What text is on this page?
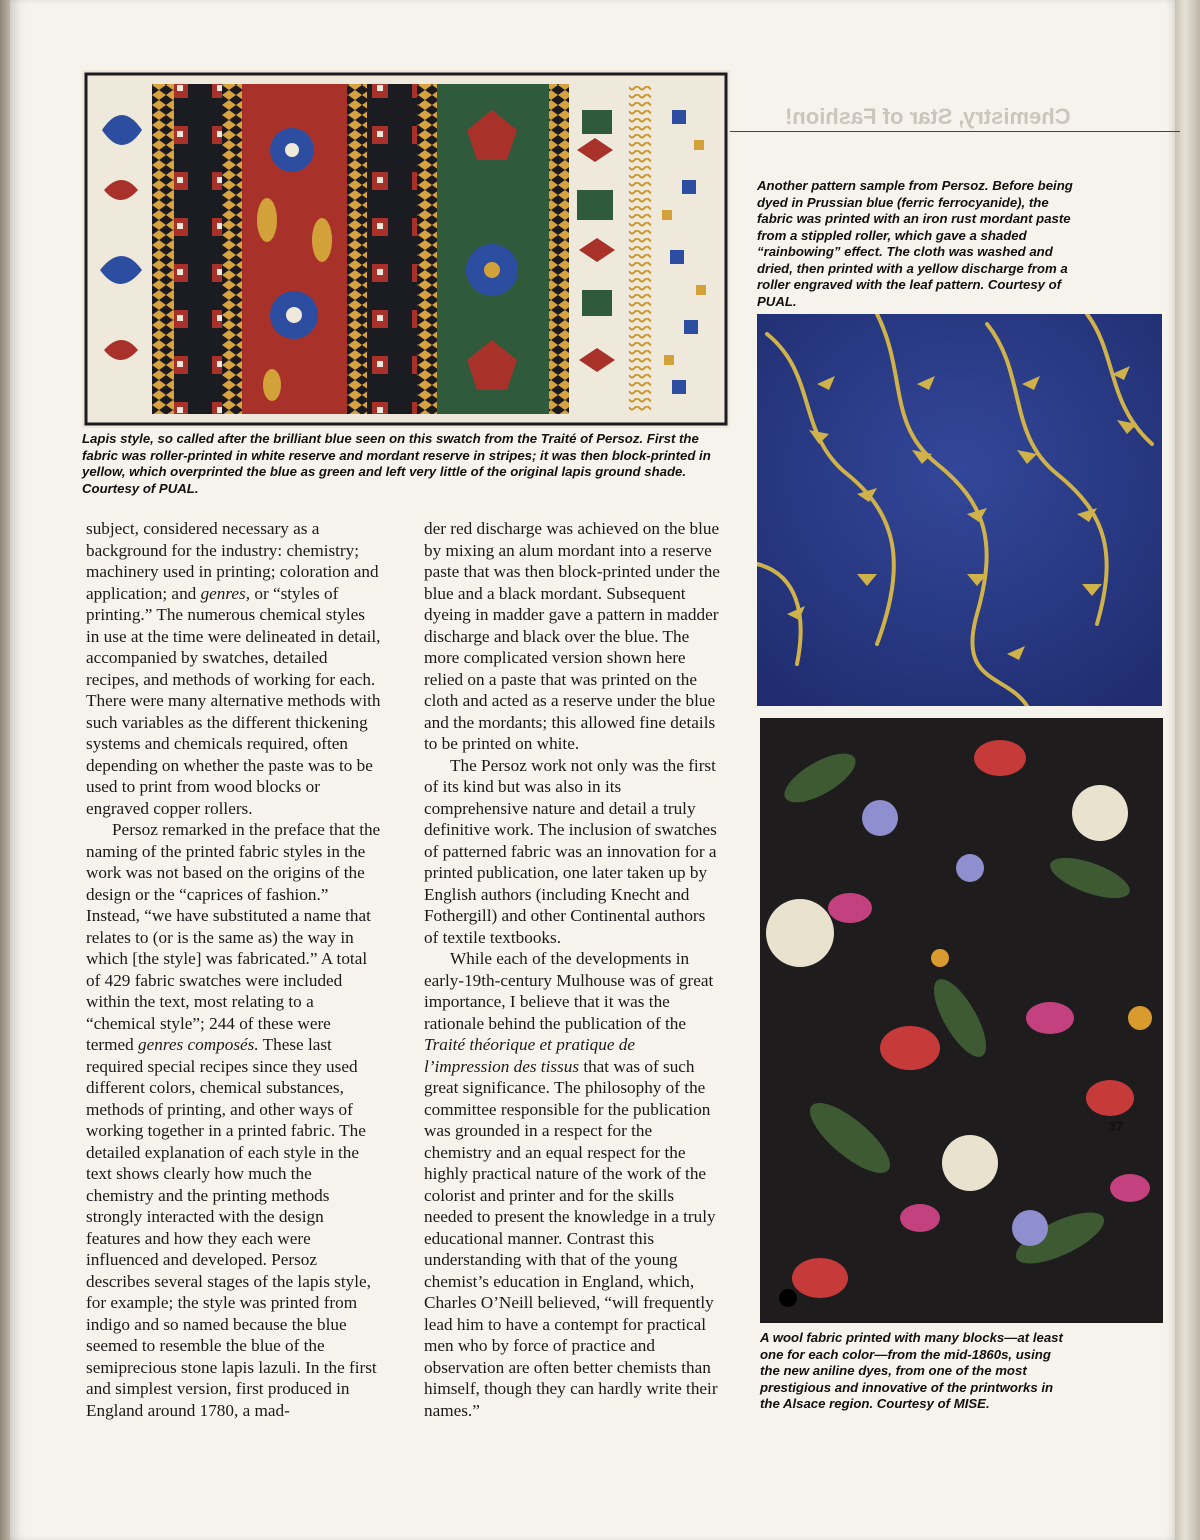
Chemistry, Star of Fashion!
Lapis style, so called after the brilliant blue seen on this swatch from the Traité of Persoz. First the fabric was roller-printed in white reserve and mordant reserve in stripes; it was then block-printed in yellow, which overprinted the blue as green and left very little of the original lapis ground shade. Courtesy of PUAL.
Another pattern sample from Persoz. Before being dyed in Prussian blue (ferric ferrocyanide), the fabric was printed with an iron rust mordant paste from a stippled roller, which gave a shaded “rainbowing” effect. The cloth was washed and dried, then printed with a yellow discharge from a roller engraved with the leaf pattern. Courtesy of PUAL.
A wool fabric printed with many blocks—at least one for each color—from the mid-1860s, using the new aniline dyes, from one of the most prestigious and innovative of the printworks in the Alsace region. Courtesy of MISE.

subject, considered necessary as a background for the industry: chemistry; machinery used in printing; coloration and application; and genres, or “styles of printing.” The numerous chemical styles in use at the time were delineated in detail, accompanied by swatches, detailed recipes, and methods of working for each. There were many alternative methods with such variables as the different thickening systems and chemicals required, often depending on whether the paste was to be used to print from wood blocks or engraved copper rollers.

Persoz remarked in the preface that the naming of the printed fabric styles in the work was not based on the origins of the design or the “caprices of fashion.” Instead, “we have substituted a name that relates to (or is the same as) the way in which [the style] was fabricated.” A total of 429 fabric swatches were included within the text, most relating to a “chemical style”; 244 of these were termed genres composés. These last required special recipes since they used different colors, chemical substances, methods of printing, and other ways of working together in a printed fabric. The detailed explanation of each style in the text shows clearly how much the chemistry and the printing methods strongly interacted with the design features and how they each were influenced and developed. Persoz describes several stages of the lapis style, for example; the style was printed from indigo and so named because the blue seemed to resemble the blue of the semiprecious stone lapis lazuli. In the first and simplest version, first produced in England around 1780, a mad-

der red discharge was achieved on the blue by mixing an alum mordant into a reserve paste that was then block-printed under the blue and a black mordant. Subsequent dyeing in madder gave a pattern in madder discharge and black over the blue. The more complicated version shown here relied on a paste that was printed on the cloth and acted as a reserve under the blue and the mordants; this allowed fine details to be printed on white.

The Persoz work not only was the first of its kind but was also in its comprehensive nature and detail a truly definitive work. The inclusion of swatches of patterned fabric was an innovation for a printed publication, one later taken up by English authors (including Knecht and Fothergill) and other Continental authors of textile textbooks.

While each of the developments in early-19th-century Mulhouse was of great importance, I believe that it was the rationale behind the publication of the Traité théorique et pratique de l’impression des tissus that was of such great significance. The philosophy of the committee responsible for the publication was grounded in a respect for the chemistry and an equal respect for the highly practical nature of the work of the colorist and printer and for the skills needed to present the knowledge in a truly educational manner. Contrast this understanding with that of the young chemist’s education in England, which, Charles O’Neill believed, “will frequently lead him to have a contempt for practical men who by force of practice and observation are often better chemists than himself, though they can hardly write their names.”

37
